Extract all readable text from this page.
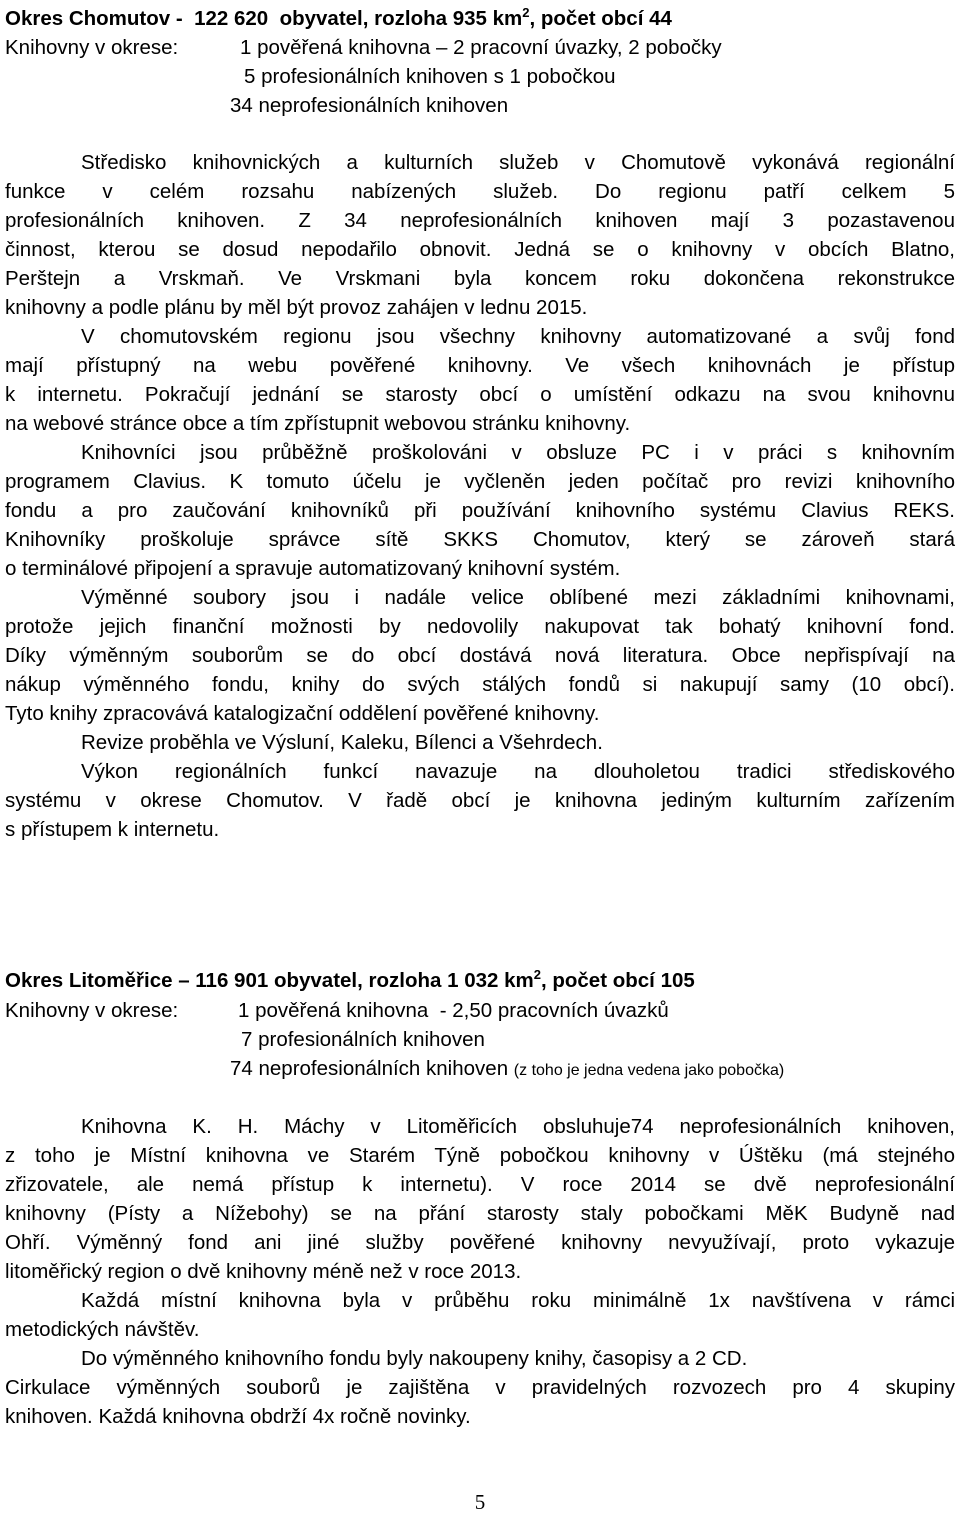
Okres Chomutov -  122 620  obyvatel, rozloha 935 $km^2$, počet obcí 44
Knihovny v okrese:	1 pověřená knihovna – 2 pracovní úvazky, 2 pobočky
5 profesionálních knihoven s 1 pobočkou
34 neprofesionálních knihoven
Středisko knihovnických a kulturních služeb v Chomutově vykonává regionální
funkce v celém rozsahu nabízených služeb. Do regionu patří celkem 5
profesionálních knihoven. Z 34 neprofesionálních knihoven mají 3 pozastavenou
činnost, kterou se dosud nepodařilo obnovit. Jedná se o knihovny v obcích Blatno,
Perštejn a Vrskmaň. Ve Vrskmani byla koncem roku dokončena rekonstrukce
knihovny a podle plánu by měl být provoz zahájen v lednu 2015.
V chomutovském regionu jsou všechny knihovny automatizované a svůj fond
mají přístupný na webu pověřené knihovny. Ve všech knihovnách je přístup
k internetu. Pokračují jednání se starosty obcí o umístění odkazu na svou knihovnu
na webové stránce obce a tím zpřístupnit webovou stránku knihovny.
Knihovníci jsou průběžně proškolováni v obsluze PC i v práci s knihovním
programem Clavius. K tomuto účelu je vyčleněn jeden počítač pro revizi knihovního
fondu a pro zaučování knihovníků při používání knihovního systému Clavius REKS.
Knihovníky proškoluje správce sítě SKKS Chomutov, který se zároveň stará
o terminálové připojení a spravuje automatizovaný knihovní systém.
Výměnné soubory jsou i nadále velice oblíbené mezi základními knihovnami,
protože jejich finanční možnosti by nedovolily nakupovat tak bohatý knihovní fond.
Díky výměnným souborům se do obcí dostává nová literatura. Obce nepřispívají na
nákup výměnného fondu, knihy do svých stálých fondů si nakupují samy (10 obcí).
Tyto knihy zpracovává katalogizační oddělení pověřené knihovny.
Revize proběhla ve Výsluní, Kaleku, Bílenci a Všehrdech.
Výkon regionálních funkcí navazuje na dlouholetou tradici střediskového
systému v okrese Chomutov. V řadě obcí je knihovna jediným kulturním zařízením
s přístupem k internetu.
Okres Litoměřice – 116 901 obyvatel, rozloha 1 032 $km^2$, počet obcí 105
Knihovny v okrese:	1 pověřená knihovna  - 2,50 pracovních úvazků
7 profesionálních knihoven
74 neprofesionálních knihoven (z toho je jedna vedena jako pobočka)
Knihovna K. H. Máchy v Litoměřicích obsluhuje74 neprofesionálních knihoven,
z toho je Místní knihovna ve Starém Týně pobočkou knihovny v Úštěku (má stejného
zřizovatele, ale nemá přístup k internetu). V roce 2014 se dvě neprofesionální
knihovny (Písty a Nížebohy) se na přání starosty staly pobočkami MěK Budyně nad
Ohří. Výměnný fond ani jiné služby pověřené knihovny nevyužívají, proto vykazuje
litoměřický region o dvě knihovny méně než v roce 2013.
Každá místní knihovna byla v průběhu roku minimálně 1x navštívena v rámci
metodických návštěv.
Do výměnného knihovního fondu byly nakoupeny knihy, časopisy a 2 CD.
Cirkulace výměnných souborů je zajištěna v pravidelných rozvozech pro 4 skupiny
knihoven. Každá knihovna obdrží 4x ročně novinky.
5
